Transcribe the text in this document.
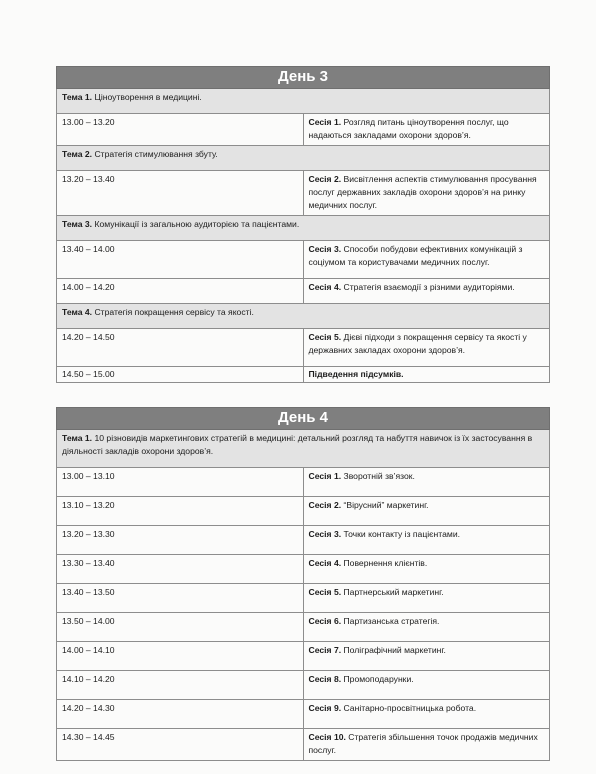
День 3	
Тема 1. Ціноутворення в медицині.	
13.00 – 13.20	Сесія 1. Розгляд питань ціноутворення послуг, що надаються закладами охорони здоров’я.
Тема 2. Стратегія стимулювання збуту.	
13.20 – 13.40	Сесія 2. Висвітлення аспектів стимулювання просування послуг державних закладів охорони здоров’я на ринку медичних послуг.
Тема 3. Комунікації із загальною аудиторією та пацієнтами.	
13.40 – 14.00	Сесія 3. Способи побудови ефективних комунікацій з соціумом та користувачами медичних послуг.
14.00 – 14.20	Сесія 4. Стратегія взаємодії з різними аудиторіями.
Тема 4. Стратегія покращення сервісу та якості.	
14.20 – 14.50	Сесія 5. Дієві підходи з покращення сервісу та якості у державних закладах охорони здоров’я.
14.50 – 15.00	Підведення підсумків.
День 4	
Тема 1. 10 різновидів маркетингових стратегій в медицині: детальний розгляд та набуття навичок із їх застосування в діяльності закладів охорони здоров’я.	
13.00 – 13.10	Сесія 1. Зворотній зв’язок.
13.10 – 13.20	Сесія 2. “Вірусний” маркетинг.
13.20 – 13.30	Сесія 3. Точки контакту із пацієнтами.
13.30 – 13.40	Сесія 4. Повернення клієнтів.
13.40 – 13.50	Сесія 5. Партнерський маркетинг.
13.50 – 14.00	Сесія 6. Партизанська стратегія.
14.00 – 14.10	Сесія 7. Поліграфічний маркетинг.
14.10 – 14.20	Сесія 8. Промоподарунки.
14.20 – 14.30	Сесія 9. Санітарно-просвітницька робота.
14.30 – 14.45	Сесія 10. Стратегія збільшення точок продажів медичних послуг.
